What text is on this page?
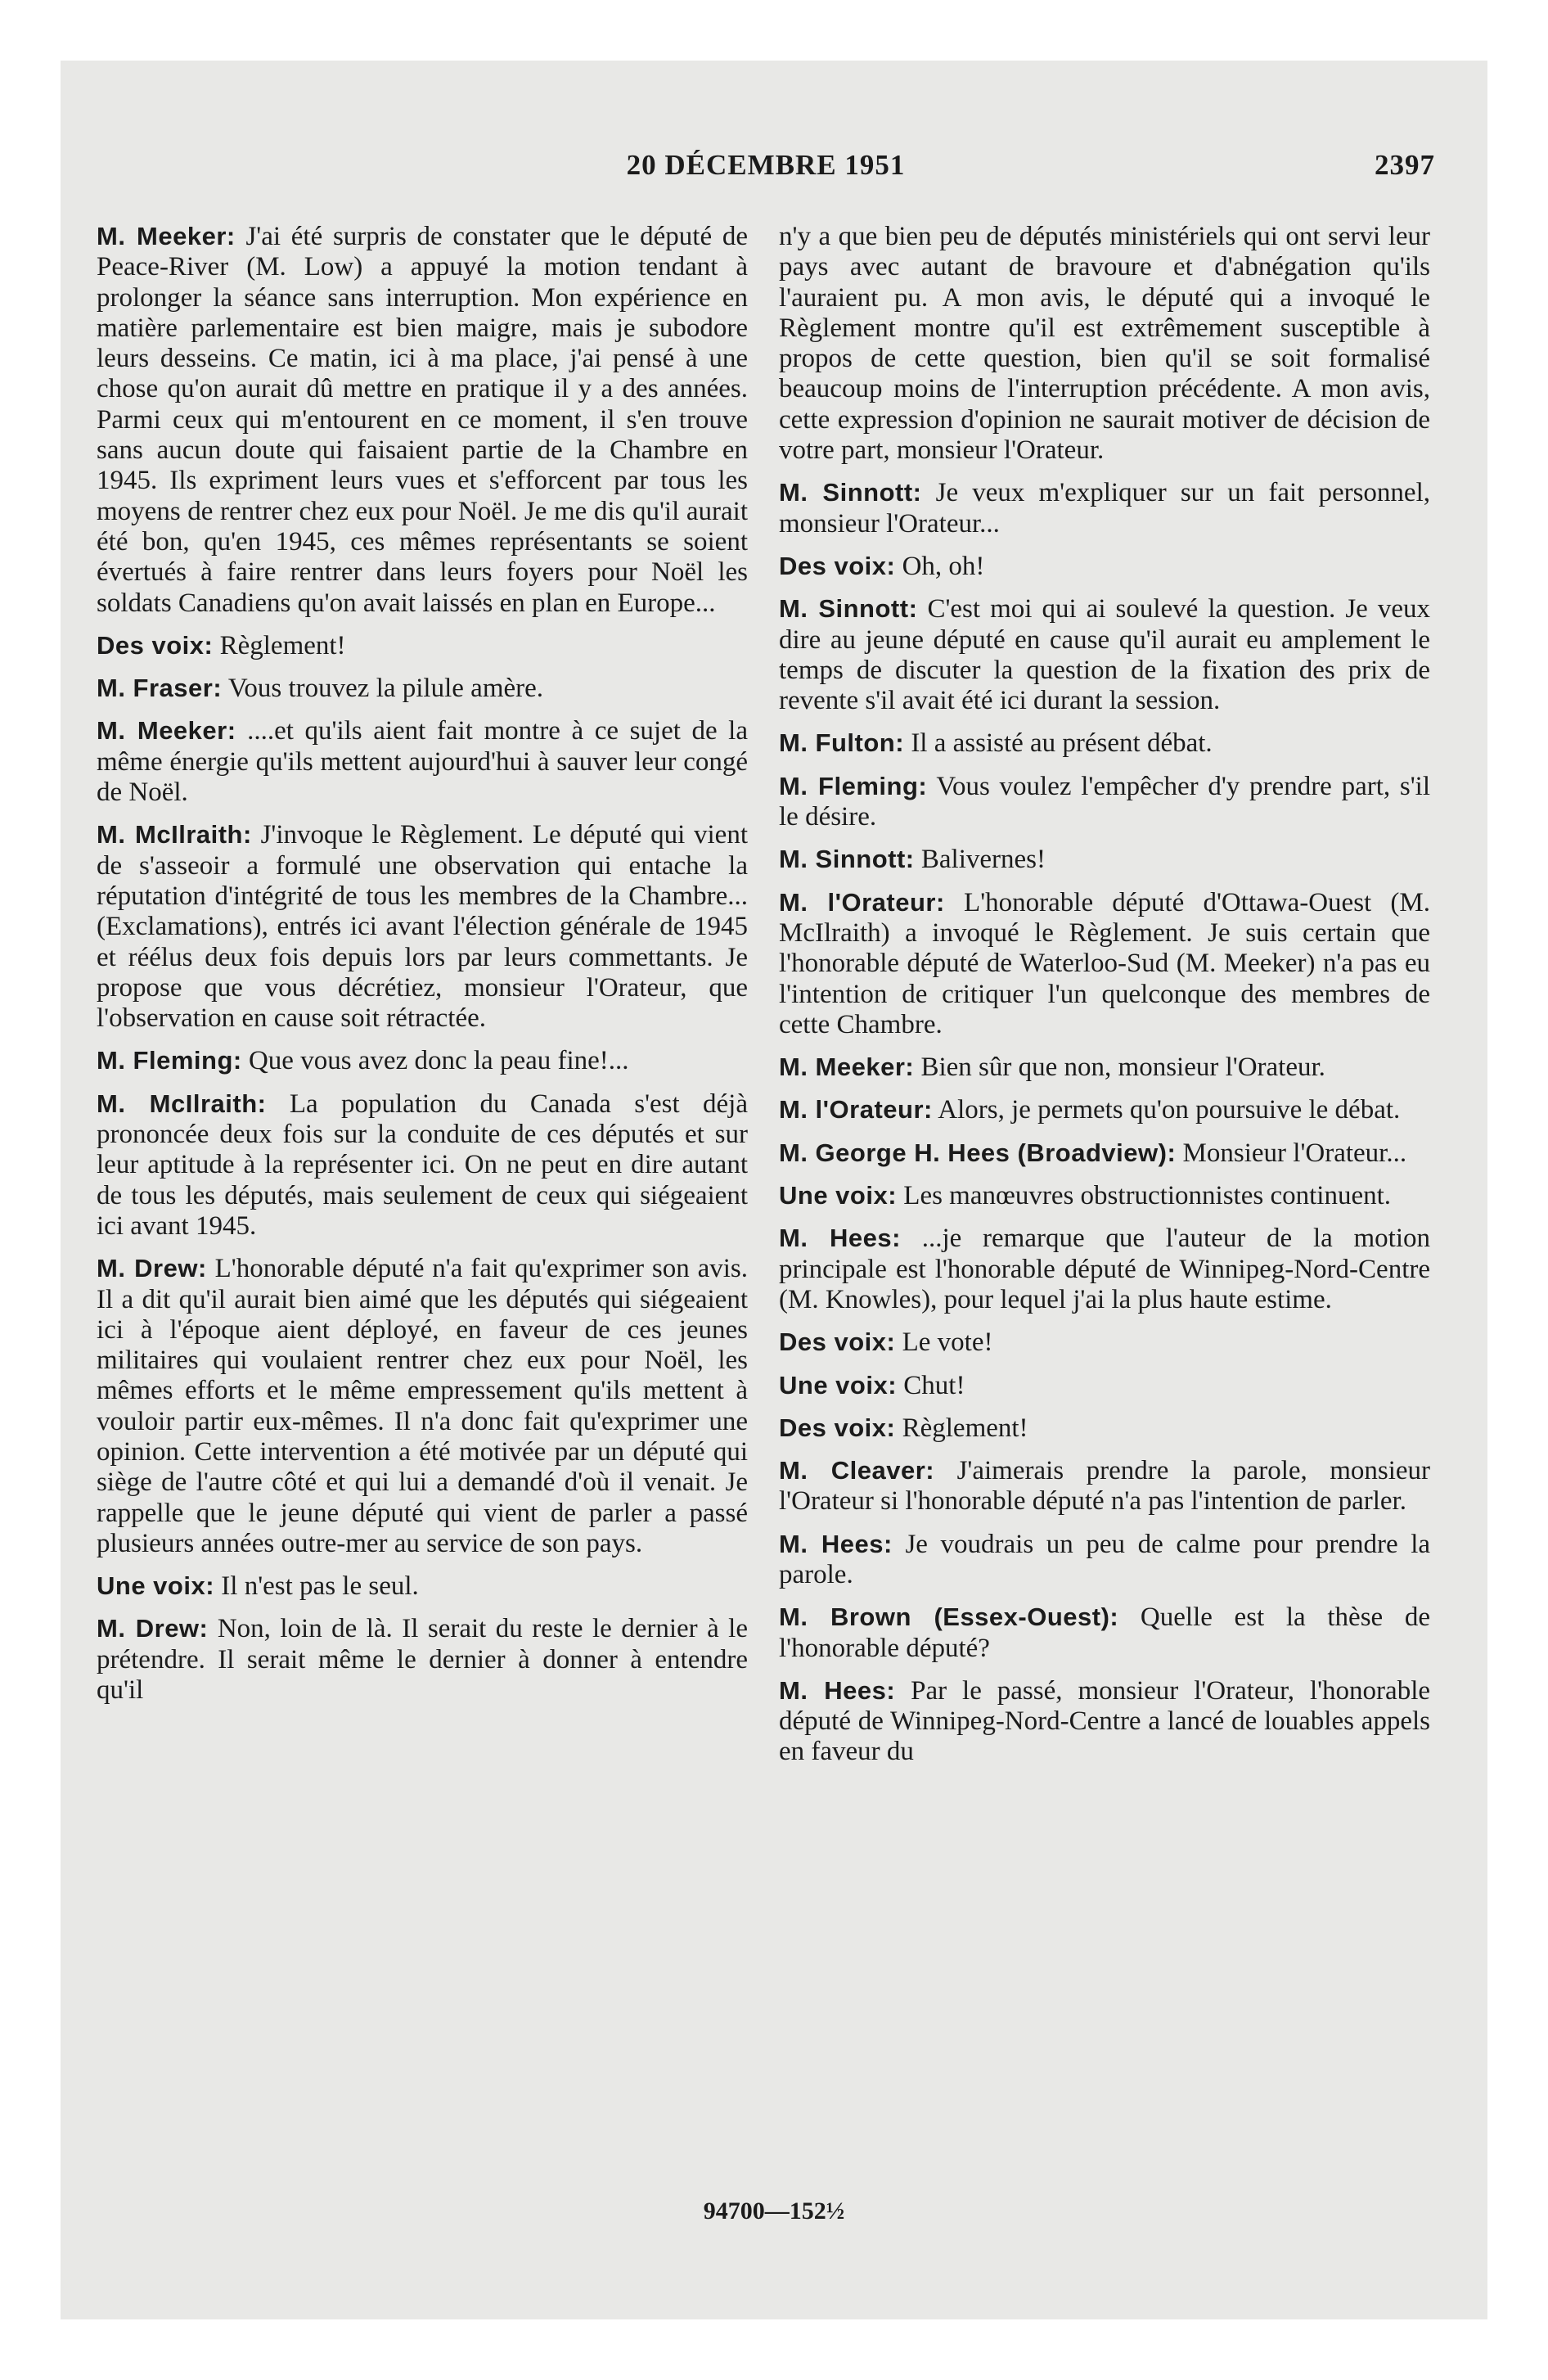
20 DÉCEMBRE 1951	2397

M. Meeker: J'ai été surpris de constater que le député de Peace-River (M. Low) a appuyé la motion tendant à prolonger la séance sans interruption. Mon expérience en matière parlementaire est bien maigre, mais je subodore leurs desseins. Ce matin, ici à ma place, j'ai pensé à une chose qu'on aurait dû mettre en pratique il y a des années. Parmi ceux qui m'entourent en ce moment, il s'en trouve sans aucun doute qui faisaient partie de la Chambre en 1945. Ils expriment leurs vues et s'efforcent par tous les moyens de rentrer chez eux pour Noël. Je me dis qu'il aurait été bon, qu'en 1945, ces mêmes représentants se soient évertués à faire rentrer dans leurs foyers pour Noël les soldats Canadiens qu'on avait laissés en plan en Europe...

Des voix: Règlement!

M. Fraser: Vous trouvez la pilule amère.

M. Meeker: ....et qu'ils aient fait montre à ce sujet de la même énergie qu'ils mettent aujourd'hui à sauver leur congé de Noël.

M. McIlraith: J'invoque le Règlement. Le député qui vient de s'asseoir a formulé une observation qui entache la réputation d'intégrité de tous les membres de la Chambre... (Exclamations), entrés ici avant l'élection générale de 1945 et réélus deux fois depuis lors par leurs commettants. Je propose que vous décrétiez, monsieur l'Orateur, que l'observation en cause soit rétractée.

M. Fleming: Que vous avez donc la peau fine!...

M. McIlraith: La population du Canada s'est déjà prononcée deux fois sur la conduite de ces députés et sur leur aptitude à la représenter ici. On ne peut en dire autant de tous les députés, mais seulement de ceux qui siégeaient ici avant 1945.

M. Drew: L'honorable député n'a fait qu'exprimer son avis. Il a dit qu'il aurait bien aimé que les députés qui siégeaient ici à l'époque aient déployé, en faveur de ces jeunes militaires qui voulaient rentrer chez eux pour Noël, les mêmes efforts et le même empressement qu'ils mettent à vouloir partir eux-mêmes. Il n'a donc fait qu'exprimer une opinion. Cette intervention a été motivée par un député qui siège de l'autre côté et qui lui a demandé d'où il venait. Je rappelle que le jeune député qui vient de parler a passé plusieurs années outre-mer au service de son pays.

Une voix: Il n'est pas le seul.

M. Drew: Non, loin de là. Il serait du reste le dernier à le prétendre. Il serait même le dernier à donner à entendre qu'il

n'y a que bien peu de députés ministériels qui ont servi leur pays avec autant de bravoure et d'abnégation qu'ils l'auraient pu. A mon avis, le député qui a invoqué le Règlement montre qu'il est extrêmement susceptible à propos de cette question, bien qu'il se soit formalisé beaucoup moins de l'interruption précédente. A mon avis, cette expression d'opinion ne saurait motiver de décision de votre part, monsieur l'Orateur.

M. Sinnott: Je veux m'expliquer sur un fait personnel, monsieur l'Orateur...

Des voix: Oh, oh!

M. Sinnott: C'est moi qui ai soulevé la question. Je veux dire au jeune député en cause qu'il aurait eu amplement le temps de discuter la question de la fixation des prix de revente s'il avait été ici durant la session.

M. Fulton: Il a assisté au présent débat.

M. Fleming: Vous voulez l'empêcher d'y prendre part, s'il le désire.

M. Sinnott: Balivernes!

M. l'Orateur: L'honorable député d'Ottawa-Ouest (M. McIlraith) a invoqué le Règlement. Je suis certain que l'honorable député de Waterloo-Sud (M. Meeker) n'a pas eu l'intention de critiquer l'un quelconque des membres de cette Chambre.

M. Meeker: Bien sûr que non, monsieur l'Orateur.

M. l'Orateur: Alors, je permets qu'on poursuive le débat.

M. George H. Hees (Broadview): Monsieur l'Orateur...

Une voix: Les manœuvres obstructionnistes continuent.

M. Hees: ...je remarque que l'auteur de la motion principale est l'honorable député de Winnipeg-Nord-Centre (M. Knowles), pour lequel j'ai la plus haute estime.

Des voix: Le vote!

Une voix: Chut!

Des voix: Règlement!

M. Cleaver: J'aimerais prendre la parole, monsieur l'Orateur si l'honorable député n'a pas l'intention de parler.

M. Hees: Je voudrais un peu de calme pour prendre la parole.

M. Brown (Essex-Ouest): Quelle est la thèse de l'honorable député?

M. Hees: Par le passé, monsieur l'Orateur, l'honorable député de Winnipeg-Nord-Centre a lancé de louables appels en faveur du

94700—152½
